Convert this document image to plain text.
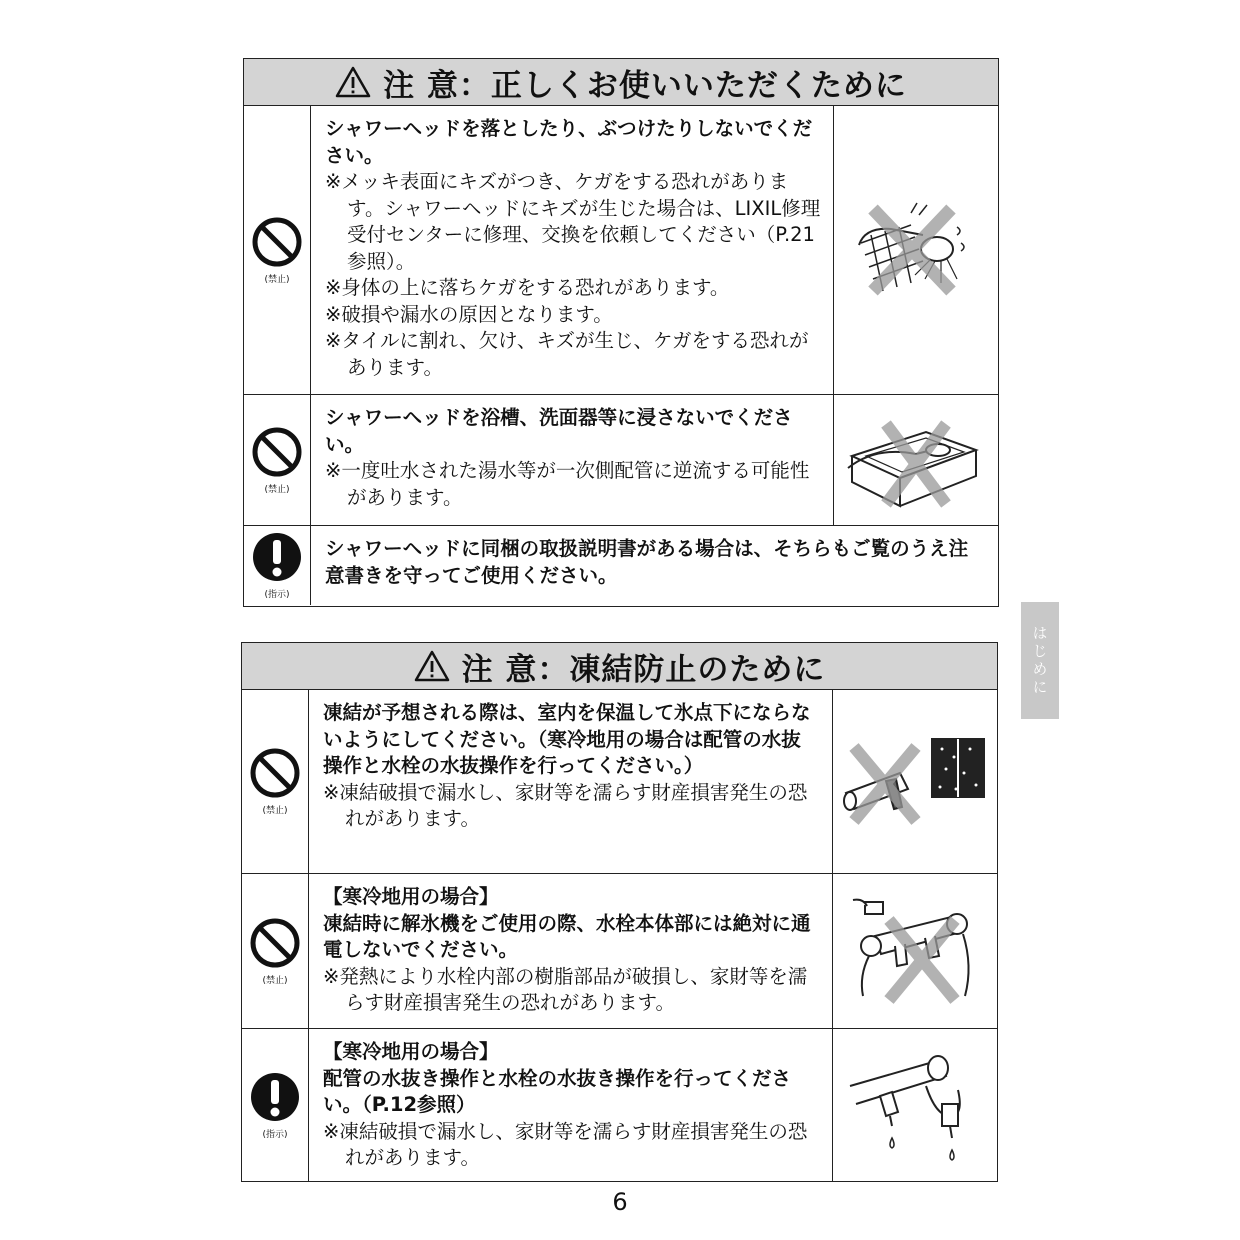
注 意：正しくお使いいただくために
(禁止)
シャワーヘッドを落としたり、ぶつけたりしないでください。
※メッキ表面にキズがつき、ケガをする恐れがあります。シャワーヘッドにキズが生じた場合は、LIXIL修理受付センターに修理、交換を依頼してください（P.21参照）。
※身体の上に落ちケガをする恐れがあります。
※破損や漏水の原因となります。
※タイルに割れ、欠け、キズが生じ、ケガをする恐れがあります。
(禁止)
シャワーヘッドを浴槽、洗面器等に浸さないでください。
※一度吐水された湯水等が一次側配管に逆流する可能性があります。
(指示)
シャワーヘッドに同梱の取扱説明書がある場合は、そちらもご覧のうえ注意書きを守ってご使用ください。
注 意：凍結防止のために
(禁止)
凍結が予想される際は、室内を保温して氷点下にならないようにしてください。（寒冷地用の場合は配管の水抜操作と水栓の水抜操作を行ってください。）
※凍結破損で漏水し、家財等を濡らす財産損害発生の恐れがあります。
(禁止)
【寒冷地用の場合】
凍結時に解氷機をご使用の際、水栓本体部には絶対に通電しないでください。
※発熱により水栓内部の樹脂部品が破損し、家財等を濡らす財産損害発生の恐れがあります。
(指示)
【寒冷地用の場合】
配管の水抜き操作と水栓の水抜き操作を行ってください。（P.12参照）
※凍結破損で漏水し、家財等を濡らす財産損害発生の恐れがあります。
はじめに
6
